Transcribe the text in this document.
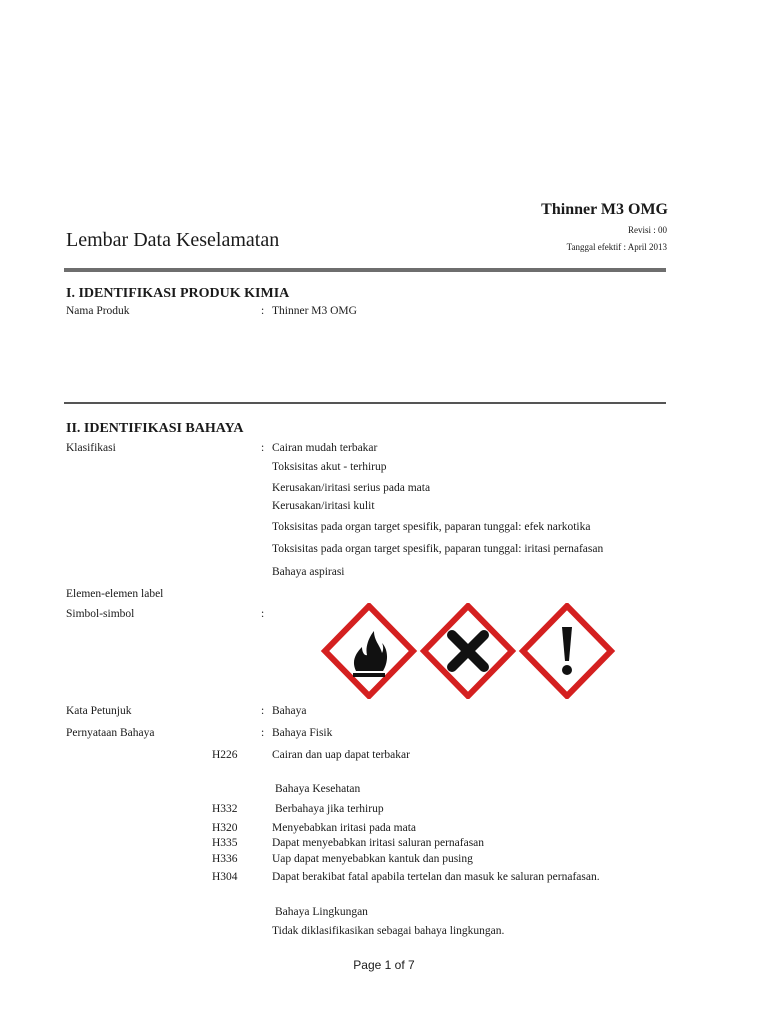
Thinner M3 OMG
Revisi : 00
Tanggal efektif : April 2013
Lembar Data Keselamatan
I. IDENTIFIKASI PRODUK KIMIA
Nama Produk	: Thinner M3 OMG
II. IDENTIFIKASI BAHAYA
Klasifikasi	: Cairan mudah terbakar
Toksisitas akut - terhirup
Kerusakan/iritasi serius pada mata
Kerusakan/iritasi kulit
Toksisitas pada organ target spesifik, paparan tunggal: efek narkotika
Toksisitas pada organ target spesifik, paparan tunggal: iritasi pernafasan
Bahaya aspirasi
Elemen-elemen label
Simbol-simbol	:
Kata Petunjuk	: Bahaya
Pernyataan Bahaya	: Bahaya Fisik
H226	Cairan dan uap dapat terbakar
Bahaya Kesehatan
H332	Berbahaya jika terhirup
H320	Menyebabkan iritasi pada mata
H335	Dapat menyebabkan iritasi saluran pernafasan
H336	Uap dapat menyebabkan kantuk dan pusing
H304	Dapat berakibat fatal apabila tertelan dan masuk ke saluran pernafasan.
Bahaya Lingkungan
Tidak diklasifikasikan sebagai bahaya lingkungan.
Page 1 of 7
